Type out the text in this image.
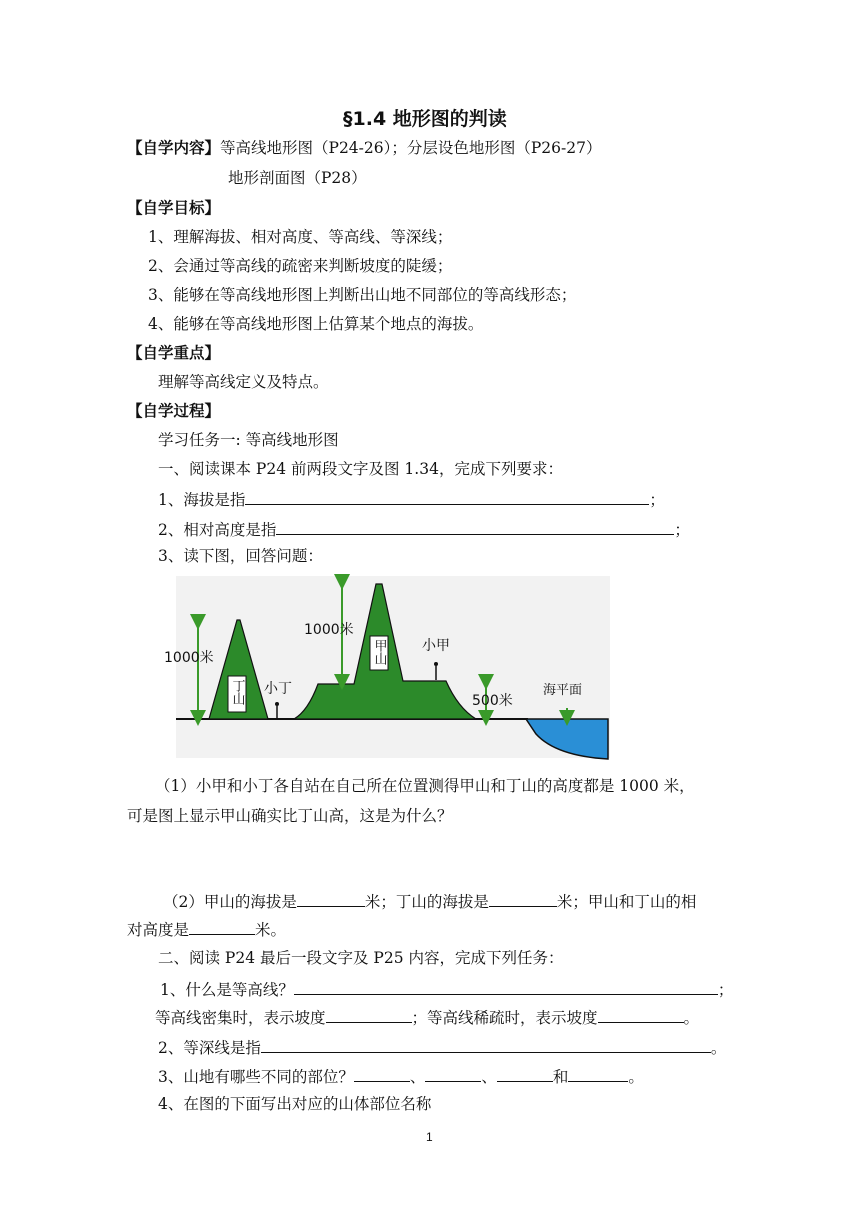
§1.4 地形图的判读
【自学内容】等高线地形图（P24-26）；分层设色地形图（P26-27）
地形剖面图（P28）
【自学目标】
1、理解海拔、相对高度、等高线、等深线；
2、会通过等高线的疏密来判断坡度的陡缓；
3、能够在等高线地形图上判断出山地不同部位的等高线形态；
4、能够在等高线地形图上估算某个地点的海拔。
【自学重点】
理解等高线定义及特点。
【自学过程】
学习任务一: 等高线地形图
一、阅读课本 P24 前两段文字及图 1.34，完成下列要求：
1、海拔是指	；
2、相对高度是指	；
3、读下图，回答问题：
1000米
1000米
500米
小丁
小甲
海平面
丁山
甲山
（1）小甲和小丁各自站在自己所在位置测得甲山和丁山的高度都是 1000 米，
可是图上显示甲山确实比丁山高，这是为什么？
（2）甲山的海拔是	米；丁山的海拔是	米；甲山和丁山的相
对高度是	米。
二、阅读 P24 最后一段文字及 P25 内容，完成下列任务：
1、什么是等高线？	；
等高线密集时，表示坡度	；等高线稀疏时，表示坡度	。
2、等深线是指	。
3、山地有哪些不同的部位？	、	、	和	。
4、在图的下面写出对应的山体部位名称
1
